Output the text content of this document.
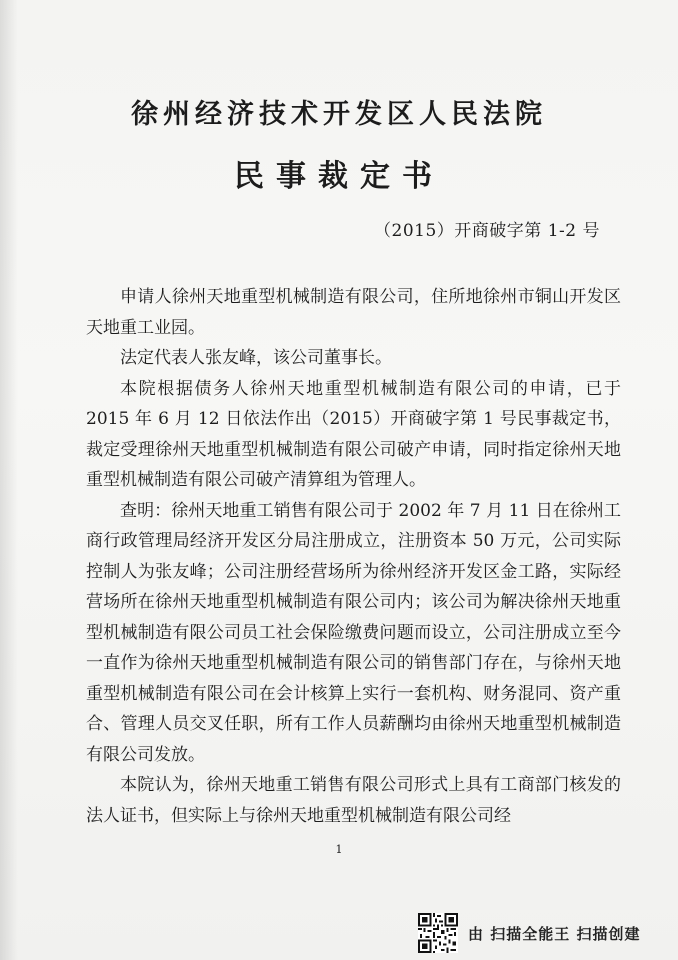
徐州经济技术开发区人民法院
民事裁定书
（2015）开商破字第 1-2 号

申请人徐州天地重型机械制造有限公司，住所地徐州市铜山开发区天地重工业园。

法定代表人张友峰，该公司董事长。

本院根据债务人徐州天地重型机械制造有限公司的申请，已于 2015 年 6 月 12 日依法作出（2015）开商破字第 1 号民事裁定书，裁定受理徐州天地重型机械制造有限公司破产申请，同时指定徐州天地重型机械制造有限公司破产清算组为管理人。

查明：徐州天地重工销售有限公司于 2002 年 7 月 11 日在徐州工商行政管理局经济开发区分局注册成立，注册资本 50 万元，公司实际控制人为张友峰；公司注册经营场所为徐州经济开发区金工路，实际经营场所在徐州天地重型机械制造有限公司内；该公司为解决徐州天地重型机械制造有限公司员工社会保险缴费问题而设立，公司注册成立至今一直作为徐州天地重型机械制造有限公司的销售部门存在，与徐州天地重型机械制造有限公司在会计核算上实行一套机构、财务混同、资产重合、管理人员交叉任职，所有工作人员薪酬均由徐州天地重型机械制造有限公司发放。

本院认为，徐州天地重工销售有限公司形式上具有工商部门核发的法人证书，但实际上与徐州天地重型机械制造有限公司经

1
由 扫描全能王 扫描创建
